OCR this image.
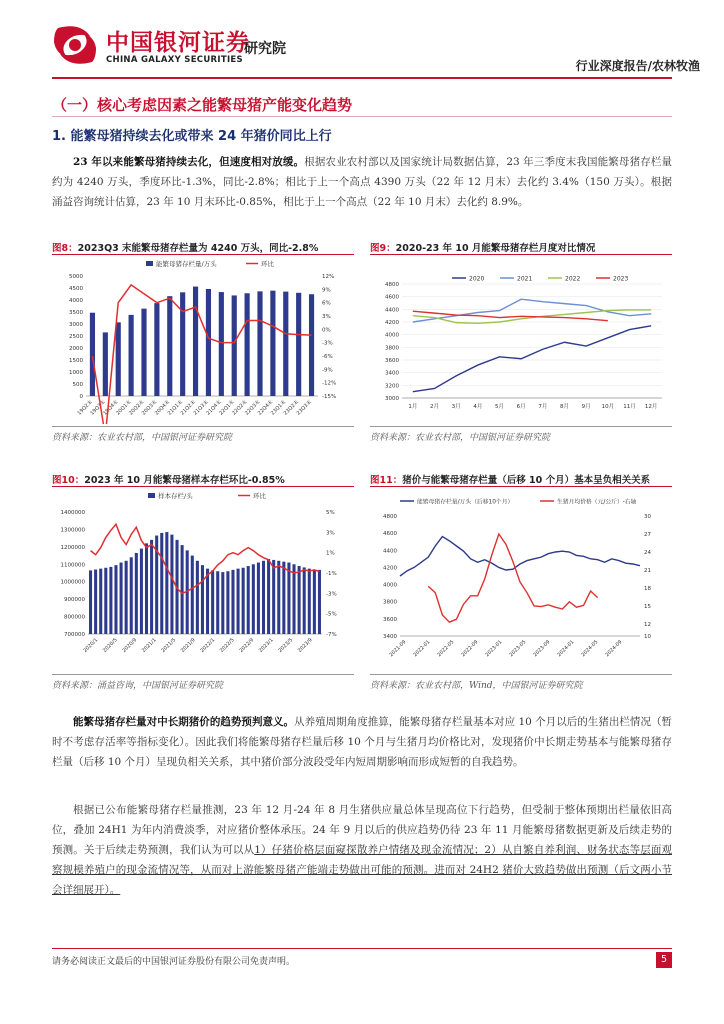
中国银河证券
CHINA GALAXY SECURITIES
研究院
行业深度报告/农林牧渔
（一）核心考虑因素之能繁母猪产能变化趋势
1. 能繁母猪持续去化或带来 24 年猪价同比上行
23 年以来能繁母猪持续去化，但速度相对放缓。根据农业农村部以及国家统计局数据估算，23 年三季度末我国能繁母猪存栏量约为 4240 万头，季度环比-1.3%，同比-2.8%；相比于上一个高点 4390 万头（22 年 12 月末）去化约 3.4%（150 万头）。根据涌益咨询统计估算，23 年 10 月末环比-0.85%，相比于上一个高点（22 年 10 月末）去化约 8.9%。
图8：2023Q3 末能繁母猪存栏量为 4240 万头，同比-2.8%
能繁母猪存栏量/万头	环比
0
500
1000
1500
2000
2500
3000
3500
4000
4500
5000	12%
9%
6%
3%
0%
-3%
-6%
-9%
-12%
-15%
19Q2末
19Q3末
19Q4末
20Q1末
20Q2末
20Q3末
20Q4末
21Q1末
21Q2末
21Q3末
21Q4末
22Q1末
22Q2末
22Q3末
22Q4末
23Q1末
23Q2末
23Q3末
资料来源：农业农村部，中国银河证券研究院
图9：2020-23 年 10 月能繁母猪存栏月度对比情况
2020	2021	2022	2023
3000
3200
3400
3600
3800
4000
4200
4400
4600
4800
1月 2月 3月 4月 5月 6月 7月 8月 9月 10月 11月 12月
资料来源：农业农村部，中国银河证券研究院
图10：2023 年 10 月能繁母猪样本存栏环比-0.85%
样本存栏/头	环比
700000
800000
900000
1000000
1100000
1200000
1300000
1400000	5%
3%
1%
-1%
-3%
-5%
-7%
2020/1 2020/5 2020/9 2021/1 2021/5 2021/9 2022/1 2022/5 2022/9 2023/1 2023/5 2023/9
资料来源：涌益咨询，中国银河证券研究院
图11：猪价与能繁母猪存栏量（后移 10 个月）基本呈负相关关系
能繁母猪存栏量/万头（后移10个月）	生猪月均价格（元/公斤）-右轴
3400
3600
3800
4000
4200
4400
4600
4800	30
27
24
21
18
15
12
10
2021-09 2022-01 2022-05 2022-09 2023-01 2023-05 2023-09 2024-01 2024-05 2024-09
资料来源：农业农村部，Wind，中国银河证券研究院
能繁母猪存栏量对中长期猪价的趋势预判意义。从养殖周期角度推算，能繁母猪存栏量基本对应 10 个月以后的生猪出栏情况（暂时不考虑存活率等指标变化）。因此我们将能繁母猪存栏量后移 10 个月与生猪月均价格比对，发现猪价中长期走势基本与能繁母猪存栏量（后移 10 个月）呈现负相关关系，其中猪价部分波段受年内短周期影响而形成短暂的自我趋势。
根据已公布能繁母猪存栏量推测，23 年 12 月-24 年 8 月生猪供应量总体呈现高位下行趋势，但受制于整体预期出栏量依旧高位，叠加 24H1 为年内消费淡季，对应猪价整体承压。24 年 9 月以后的供应趋势仍待 23 年 11 月能繁母猪数据更新及后续走势的预测。关于后续走势预测，我们认为可以从1）仔猪价格层面窥探散养户情绪及现金流情况；2）从自繁自养利润、财务状态等层面观察规模养殖户的现金流情况等，从而对上游能繁母猪产能端走势做出可能的预测。进而对 24H2 猪价大致趋势做出预测（后文两小节会详细展开）。
请务必阅读正文最后的中国银河证券股份有限公司免责声明。	5
